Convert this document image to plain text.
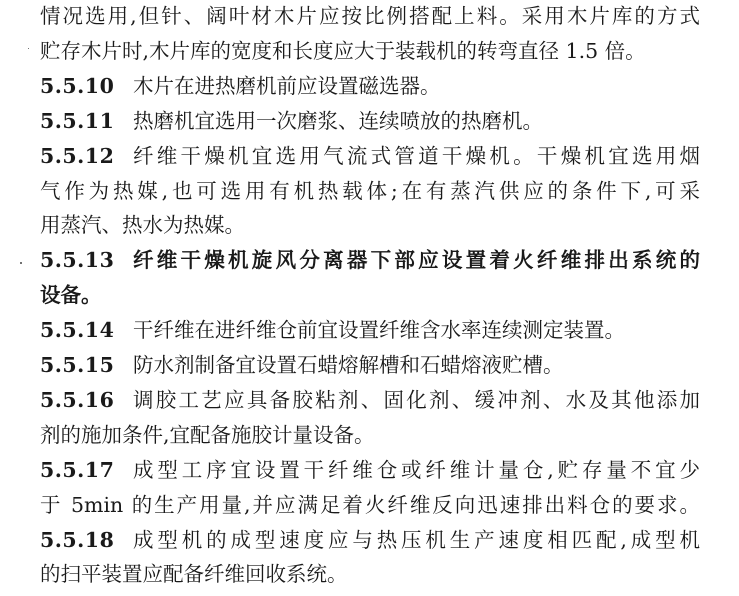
情况选用,但针、阔叶材木片应按比例搭配上料。采用木片库的方式
贮存木片时,木片库的宽度和长度应大于装载机的转弯直径 1.5 倍。
5.5.10 木片在进热磨机前应设置磁选器。
5.5.11 热磨机宜选用一次磨浆、连续喷放的热磨机。
5.5.12 纤维干燥机宜选用气流式管道干燥机。干燥机宜选用烟
气作为热媒,也可选用有机热载体;在有蒸汽供应的条件下,可采
用蒸汽、热水为热媒。
5.5.13 纤维干燥机旋风分离器下部应设置着火纤维排出系统的
设备。
5.5.14 干纤维在进纤维仓前宜设置纤维含水率连续测定装置。
5.5.15 防水剂制备宜设置石蜡熔解槽和石蜡熔液贮槽。
5.5.16 调胶工艺应具备胶粘剂、固化剂、缓冲剂、水及其他添加
剂的施加条件,宜配备施胶计量设备。
5.5.17 成型工序宜设置干纤维仓或纤维计量仓,贮存量不宜少
于 5min 的生产用量,并应满足着火纤维反向迅速排出料仓的要求。
5.5.18 成型机的成型速度应与热压机生产速度相匹配,成型机
的扫平装置应配备纤维回收系统。
